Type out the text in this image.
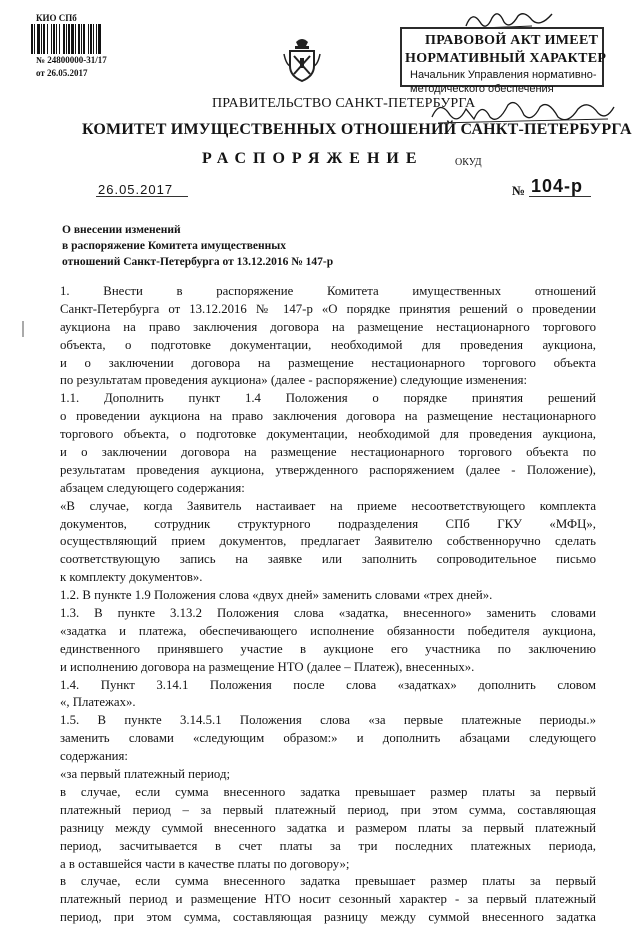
КИО СПб
№ 24800000-31/17
от 26.05.2017
ПРАВОВОЙ АКТ ИМЕЕТ
НОРМАТИВНЫЙ ХАРАКТЕР
Начальник Управления нормативно-
методического обеспечения
ПРАВИТЕЛЬСТВО САНКТ-ПЕТЕРБУРГА
КОМИТЕТ ИМУЩЕСТВЕННЫХ ОТНОШЕНИЙ САНКТ-ПЕТЕРБУРГА
РАСПОРЯЖЕНИЕ	ОКУД
26.05.2017	№ 104-р
О внесении изменений
в распоряжение Комитета имущественных
отношений Санкт-Петербурга от 13.12.2016 № 147-р
1. Внести в распоряжение Комитета имущественных отношений
Санкт-Петербурга от 13.12.2016 № 147-р «О порядке принятия решений о проведении
аукциона на право заключения договора на размещение нестационарного торгового
объекта, о подготовке документации, необходимой для проведения аукциона,
и о заключении договора на размещение нестационарного торгового объекта
по результатам проведения аукциона» (далее - распоряжение) следующие изменения:
1.1. Дополнить пункт 1.4 Положения о порядке принятия решений
о проведении аукциона на право заключения договора на размещение нестационарного
торгового объекта, о подготовке документации, необходимой для проведения аукциона,
и о заключении договора на размещение нестационарного торгового объекта по
результатам проведения аукциона, утвержденного распоряжением (далее - Положение),
абзацем следующего содержания:
«В случае, когда Заявитель настаивает на приеме несоответствующего комплекта
документов, сотрудник структурного подразделения СПб ГКУ «МФЦ»,
осуществляющий прием документов, предлагает Заявителю собственноручно сделать
соответствующую запись на заявке или заполнить сопроводительное письмо
к комплекту документов».
1.2. В пункте 1.9 Положения слова «двух дней» заменить словами «трех дней».
1.3. В пункте 3.13.2 Положения слова «задатка, внесенного» заменить словами
«задатка и платежа, обеспечивающего исполнение обязанности победителя аукциона,
единственного принявшего участие в аукционе его участника по заключению
и исполнению договора на размещение НТО (далее – Платеж), внесенных».
1.4. Пункт 3.14.1 Положения после слова «задатках» дополнить словом
«, Платежах».
1.5. В пункте 3.14.5.1 Положения слова «за первые платежные периоды.»
заменить словами «следующим образом:» и дополнить абзацами следующего
содержания:
«за первый платежный период;
в случае, если сумма внесенного задатка превышает размер платы за первый
платежный период – за первый платежный период, при этом сумма, составляющая
разницу между суммой внесенного задатка и размером платы за первый платежный
период, засчитывается в счет платы за три последних платежных периода,
а в оставшейся части в качестве платы по договору»;
в случае, если сумма внесенного задатка превышает размер платы за первый
платежный период и размещение НТО носит сезонный характер - за первый платежный
период, при этом сумма, составляющая разницу между суммой внесенного задатка
